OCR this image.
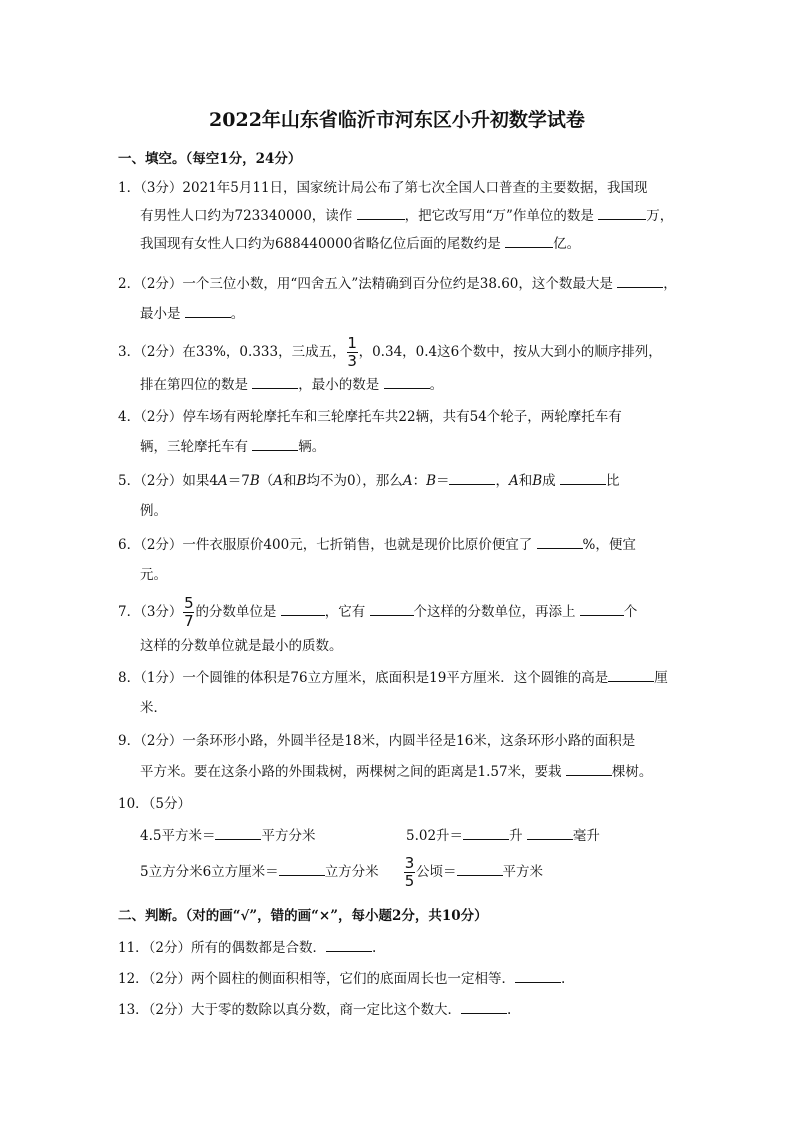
2022年山东省临沂市河东区小升初数学试卷
一、填空。（每空1分，24分）
1．（3分）2021年5月11日，国家统计局公布了第七次全国人口普查的主要数据，我国现
有男性人口约为723340000，读作	，把它改写用“万”作单位的数是	万，
我国现有女性人口约为688440000省略亿位后面的尾数约是	亿。
2．（2分）一个三位小数，用“四舍五入”法精确到百分位约是38.60，这个数最大是	，
最小是	。
3．（2分）在33%，0.333，三成五， $\frac{1}{3}$ ，0.34，0.4这6个数中，按从大到小的顺序排列，
排在第四位的数是	，最小的数是	。
4．（2分）停车场有两轮摩托车和三轮摩托车共22辆，共有54个轮子，两轮摩托车有
辆，三轮摩托车有	辆。
5．（2分）如果4A＝7B（A和B均不为0），那么A：B＝	，A和B成	比
例。
6．（2分）一件衣服原价400元，七折销售，也就是现价比原价便宜了	%，便宜
元。
7．（3分） $\frac{5}{7}$ 的分数单位是	，它有	个这样的分数单位，再添上	个
这样的分数单位就是最小的质数。
8．（1分）一个圆锥的体积是76立方厘米，底面积是19平方厘米．这个圆锥的高是	厘
米．
9．（2分）一条环形小路，外圆半径是18米，内圆半径是16米，这条环形小路的面积是
平方米。要在这条小路的外围栽树，两棵树之间的距离是1.57米，要栽	棵树。
10．（5分）
4.5平方米＝	平方分米	5.02升＝	升	毫升
5立方分米6立方厘米＝	立方分米 $\frac{3}{5}$ 公顷＝	平方米
二、判断。（对的画“√”，错的画“×”，每小题2分，共10分）
11．（2分）所有的偶数都是合数．	.
12．（2分）两个圆柱的侧面积相等，它们的底面周长也一定相等．	.
13．（2分）大于零的数除以真分数，商一定比这个数大．	.
